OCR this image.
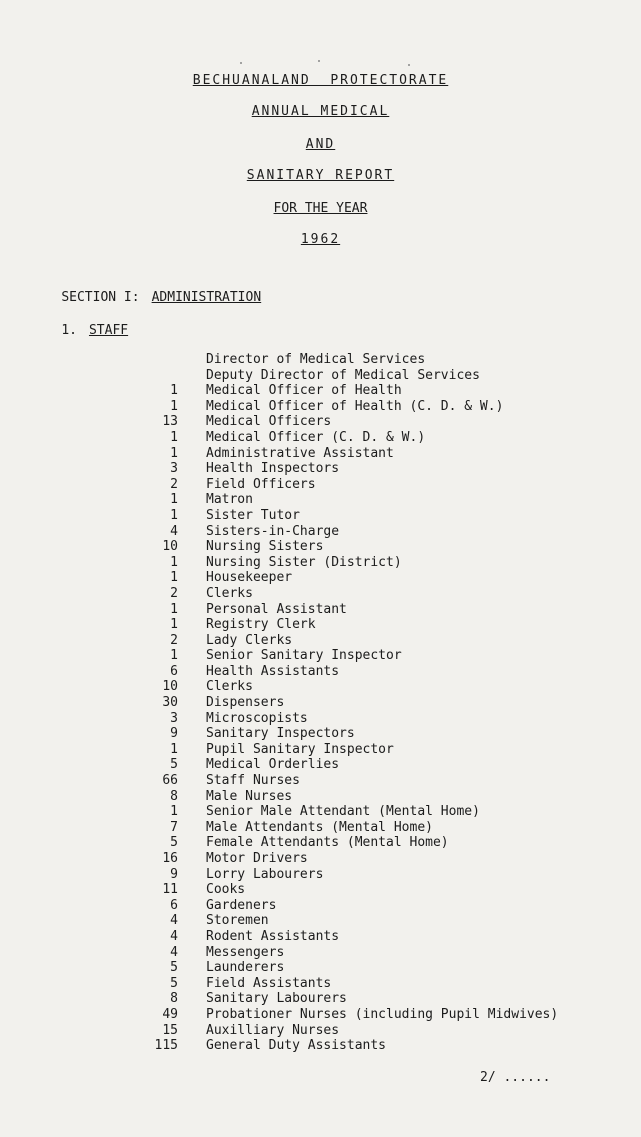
BECHUANALAND  PROTECTORATE
ANNUAL MEDICAL
AND
SANITARY REPORT
FOR THE YEAR
1962

SECTION I: ADMINISTRATION

1. STAFF

Director of Medical Services
Deputy Director of Medical Services
1	Medical Officer of Health
1	Medical Officer of Health (C. D. & W.)
13	Medical Officers
1	Medical Officer (C. D. & W.)
1	Administrative Assistant
3	Health Inspectors
2	Field Officers
1	Matron
1	Sister Tutor
4	Sisters-in-Charge
10	Nursing Sisters
1	Nursing Sister (District)
1	Housekeeper
2	Clerks
1	Personal Assistant
1	Registry Clerk
2	Lady Clerks
1	Senior Sanitary Inspector
6	Health Assistants
10	Clerks
30	Dispensers
3	Microscopists
9	Sanitary Inspectors
1	Pupil Sanitary Inspector
5	Medical Orderlies
66	Staff Nurses
8	Male Nurses
1	Senior Male Attendant (Mental Home)
7	Male Attendants (Mental Home)
5	Female Attendants (Mental Home)
16	Motor Drivers
9	Lorry Labourers
11	Cooks
6	Gardeners
4	Storemen
4	Rodent Assistants
4	Messengers
5	Launderers
5	Field Assistants
8	Sanitary Labourers
49	Probationer Nurses (including Pupil Midwives)
15	Auxilliary Nurses
115	General Duty Assistants
2/ ......
